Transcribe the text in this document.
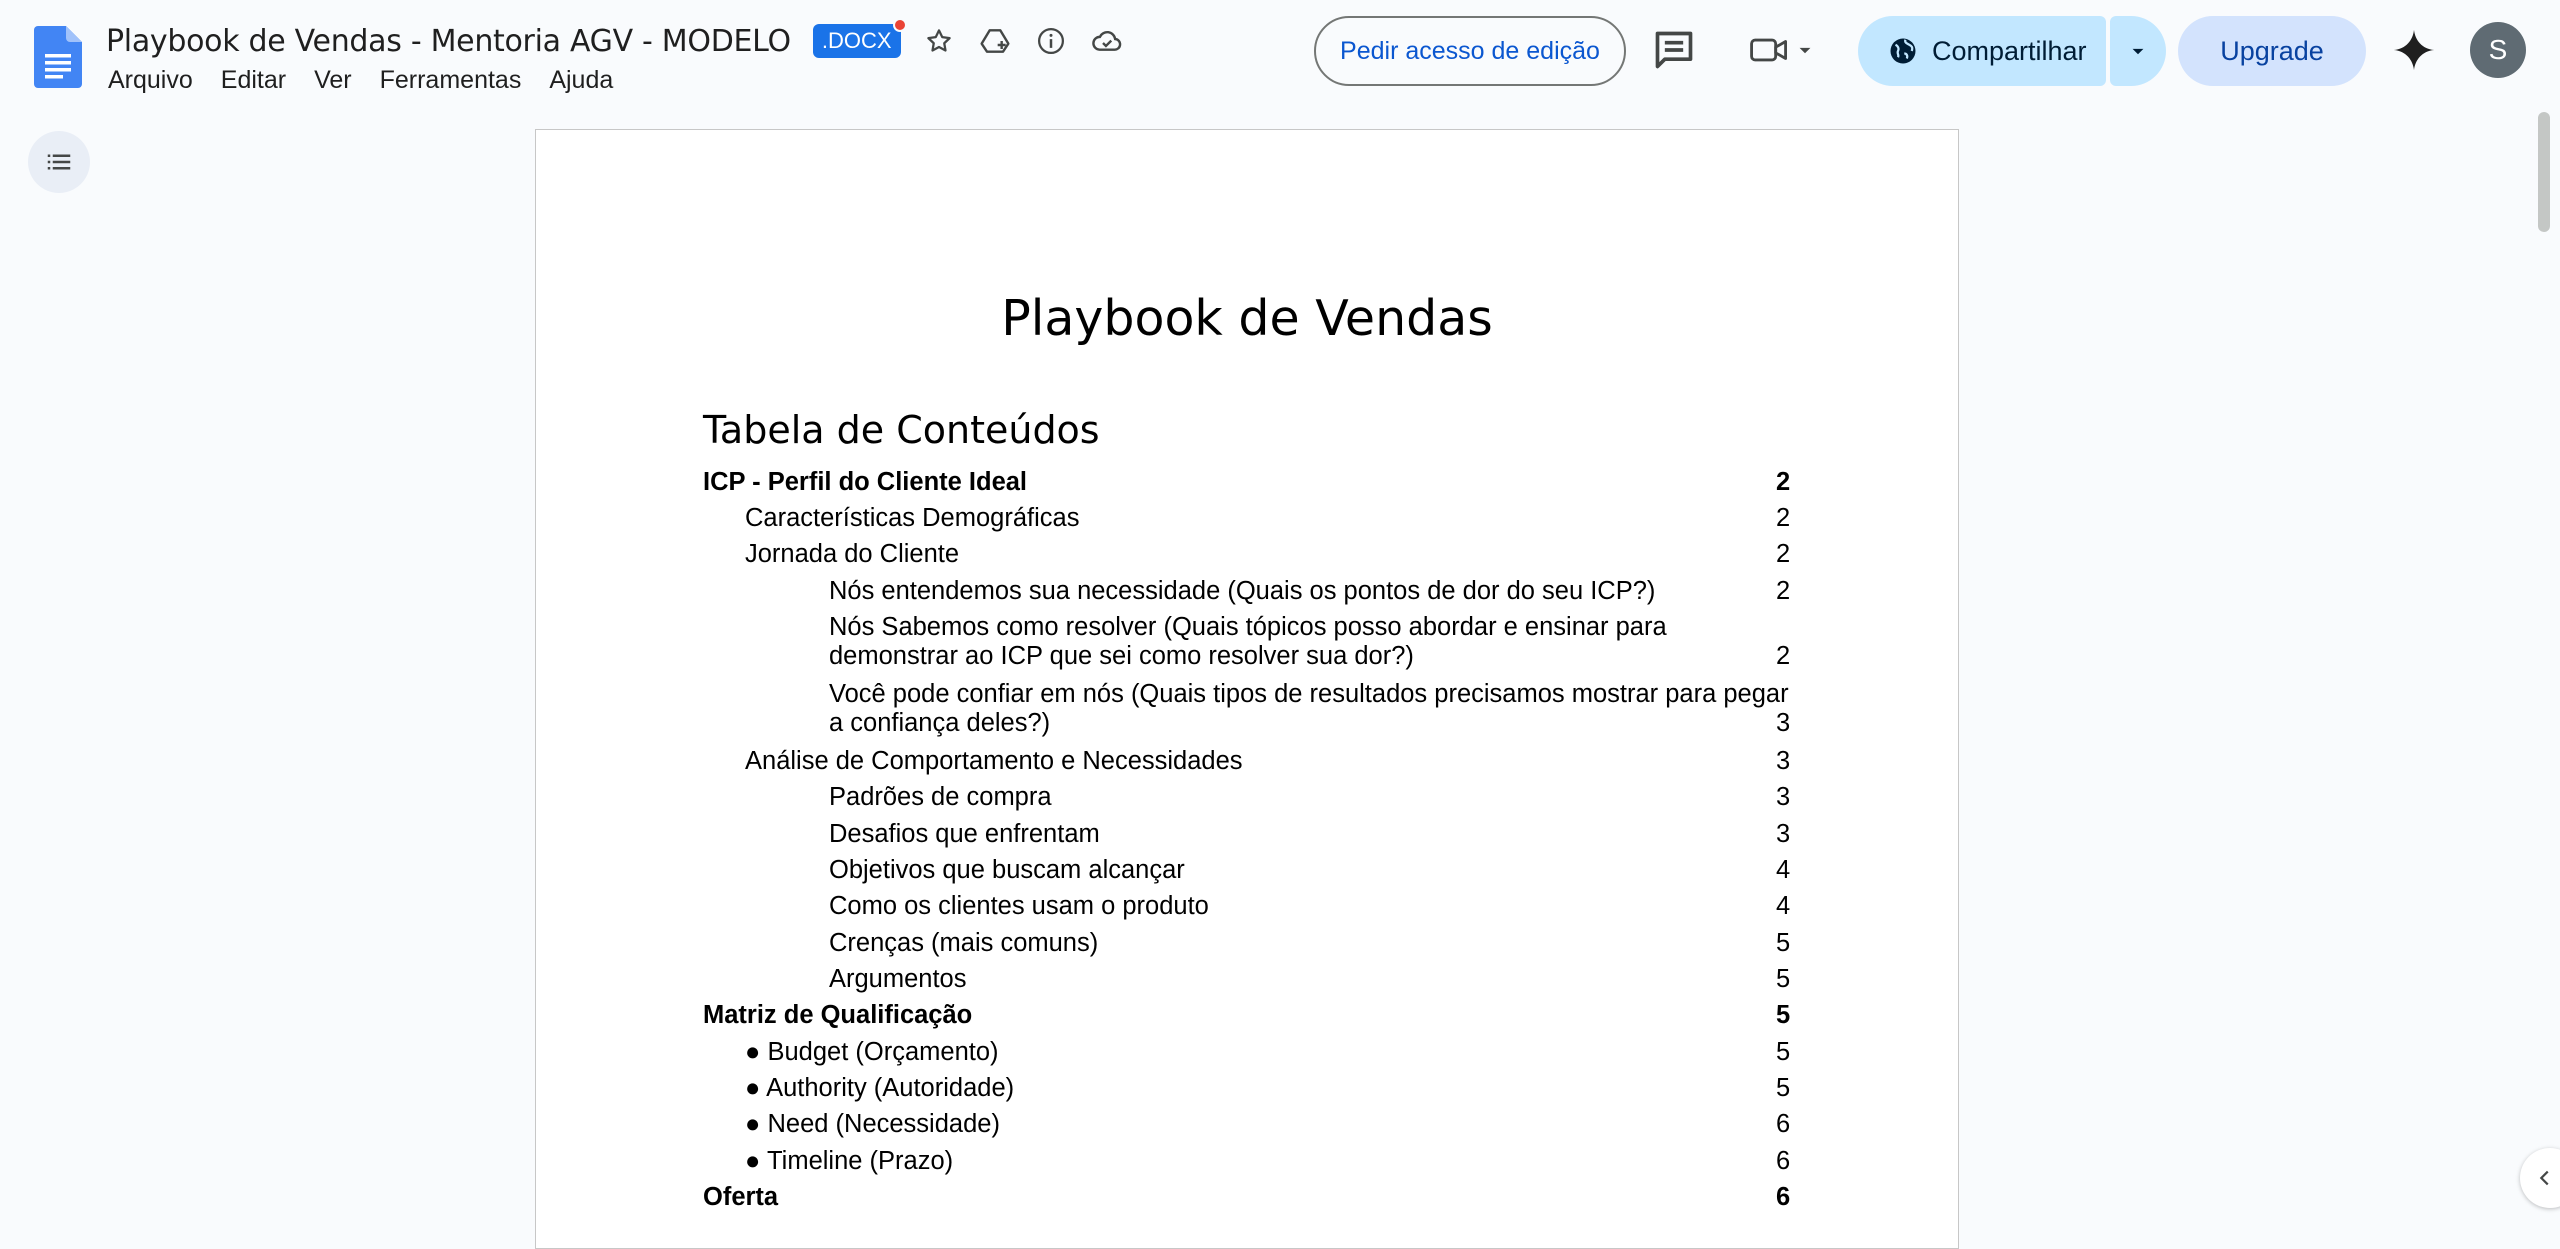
Playbook de Vendas - Mentoria AGV - MODELO	.DOCX
Arquivo	Editar	Ver	Ferramentas	Ajuda
Pedir acesso de edição	Compartilhar	Upgrade	S
Playbook de Vendas
Tabela de Conteúdos
ICP - Perfil do Cliente Ideal	2
Características Demográficas	2
Jornada do Cliente	2
Nós entendemos sua necessidade (Quais os pontos de dor do seu ICP?)	2
Nós Sabemos como resolver (Quais tópicos posso abordar e ensinar para
demonstrar ao ICP que sei como resolver sua dor?)	2
Você pode confiar em nós (Quais tipos de resultados precisamos mostrar para pegar
a confiança deles?)	3
Análise de Comportamento e Necessidades	3
Padrões de compra	3
Desafios que enfrentam	3
Objetivos que buscam alcançar	4
Como os clientes usam o produto	4
Crenças (mais comuns)	5
Argumentos	5
Matriz de Qualificação	5
● Budget (Orçamento)	5
● Authority (Autoridade)	5
● Need (Necessidade)	6
● Timeline (Prazo)	6
Oferta	6
